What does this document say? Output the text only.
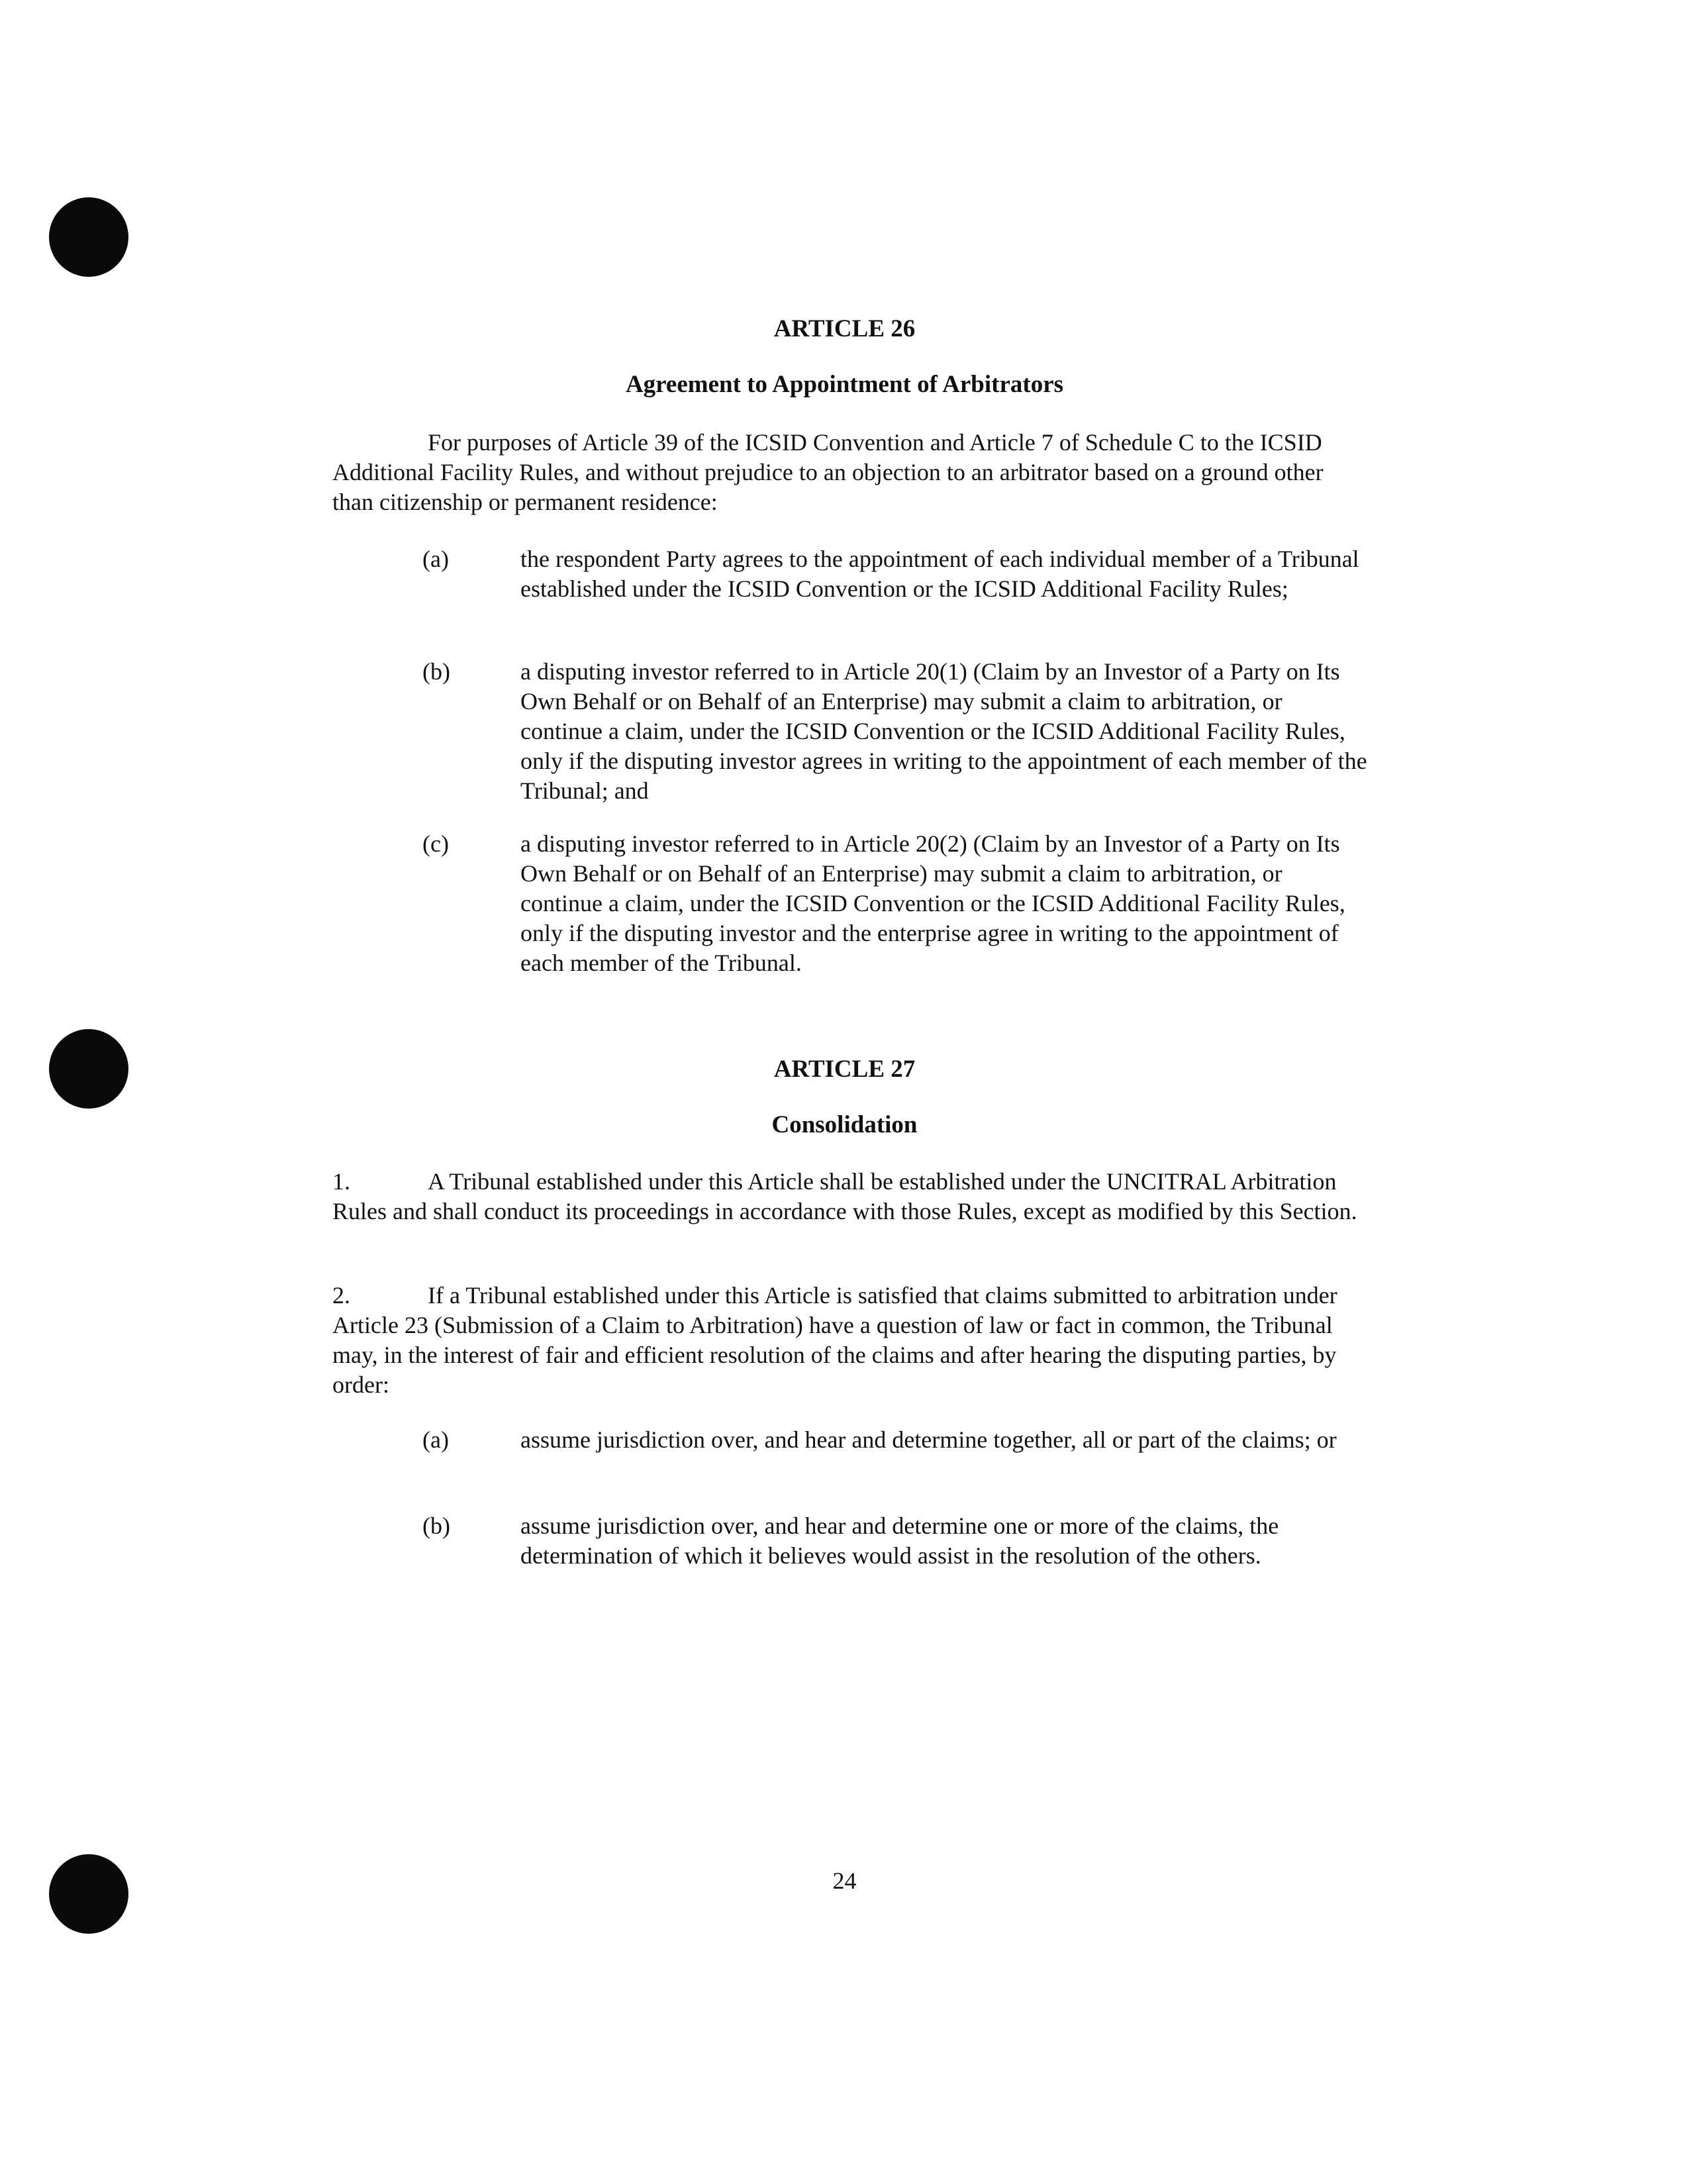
ARTICLE 26
Agreement to Appointment of Arbitrators
For purposes of Article 39 of the ICSID Convention and Article 7 of Schedule C to the ICSID Additional Facility Rules, and without prejudice to an objection to an arbitrator based on a ground other than citizenship or permanent residence:
(a)	the respondent Party agrees to the appointment of each individual member of a Tribunal established under the ICSID Convention or the ICSID Additional Facility Rules;
(b)	a disputing investor referred to in Article 20(1) (Claim by an Investor of a Party on Its Own Behalf or on Behalf of an Enterprise) may submit a claim to arbitration, or continue a claim, under the ICSID Convention or the ICSID Additional Facility Rules, only if the disputing investor agrees in writing to the appointment of each member of the Tribunal; and
(c)	a disputing investor referred to in Article 20(2) (Claim by an Investor of a Party on Its Own Behalf or on Behalf of an Enterprise) may submit a claim to arbitration, or continue a claim, under the ICSID Convention or the ICSID Additional Facility Rules, only if the disputing investor and the enterprise agree in writing to the appointment of each member of the Tribunal.
ARTICLE 27
Consolidation
1.	A Tribunal established under this Article shall be established under the UNCITRAL Arbitration Rules and shall conduct its proceedings in accordance with those Rules, except as modified by this Section.
2.	If a Tribunal established under this Article is satisfied that claims submitted to arbitration under Article 23 (Submission of a Claim to Arbitration) have a question of law or fact in common, the Tribunal may, in the interest of fair and efficient resolution of the claims and after hearing the disputing parties, by order:
(a)	assume jurisdiction over, and hear and determine together, all or part of the claims; or
(b)	assume jurisdiction over, and hear and determine one or more of the claims, the determination of which it believes would assist in the resolution of the others.
24
